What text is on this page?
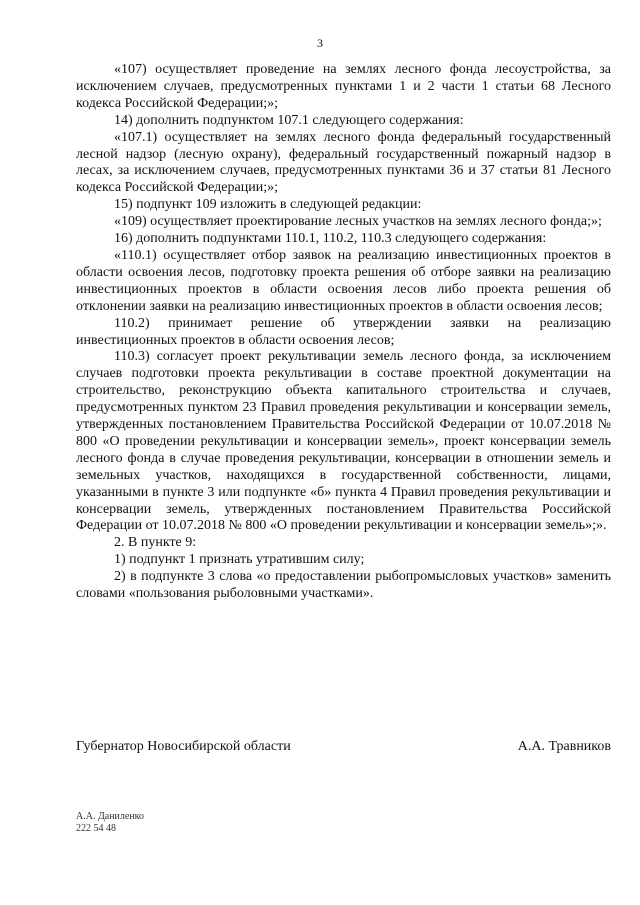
3

«107) осуществляет проведение на землях лесного фонда лесоустройства, за исключением случаев, предусмотренных пунктами 1 и 2 части 1 статьи 68 Лесного кодекса Российской Федерации;»;

14) дополнить подпунктом 107.1 следующего содержания:

«107.1) осуществляет на землях лесного фонда федеральный государственный лесной надзор (лесную охрану), федеральный государственный пожарный надзор в лесах, за исключением случаев, предусмотренных пунктами 36 и 37 статьи 81 Лесного кодекса Российской Федерации;»;

15) подпункт 109 изложить в следующей редакции:

«109) осуществляет проектирование лесных участков на землях лесного фонда;»;

16) дополнить подпунктами 110.1, 110.2, 110.3 следующего содержания:

«110.1) осуществляет отбор заявок на реализацию инвестиционных проектов в области освоения лесов, подготовку проекта решения об отборе заявки на реализацию инвестиционных проектов в области освоения лесов либо проекта решения об отклонении заявки на реализацию инвестиционных проектов в области освоения лесов;

110.2) принимает решение об утверждении заявки на реализацию инвестиционных проектов в области освоения лесов;

110.3) согласует проект рекультивации земель лесного фонда, за исключением случаев подготовки проекта рекультивации в составе проектной документации на строительство, реконструкцию объекта капитального строительства и случаев, предусмотренных пунктом 23 Правил проведения рекультивации и консервации земель, утвержденных постановлением Правительства Российской Федерации от 10.07.2018 № 800 «О проведении рекультивации и консервации земель», проект консервации земель лесного фонда в случае проведения рекультивации, консервации в отношении земель и земельных участков, находящихся в государственной собственности, лицами, указанными в пункте 3 или подпункте «б» пункта 4 Правил проведения рекультивации и консервации земель, утвержденных постановлением Правительства Российской Федерации от 10.07.2018 № 800 «О проведении рекультивации и консервации земель»;».

2. В пункте 9:

1) подпункт 1 признать утратившим силу;

2) в подпункте 3 слова «о предоставлении рыбопромысловых участков» заменить словами «пользования рыболовными участками».

Губернатор Новосибирской области	А.А. Травников
А.А. Даниленко
222 54 48
